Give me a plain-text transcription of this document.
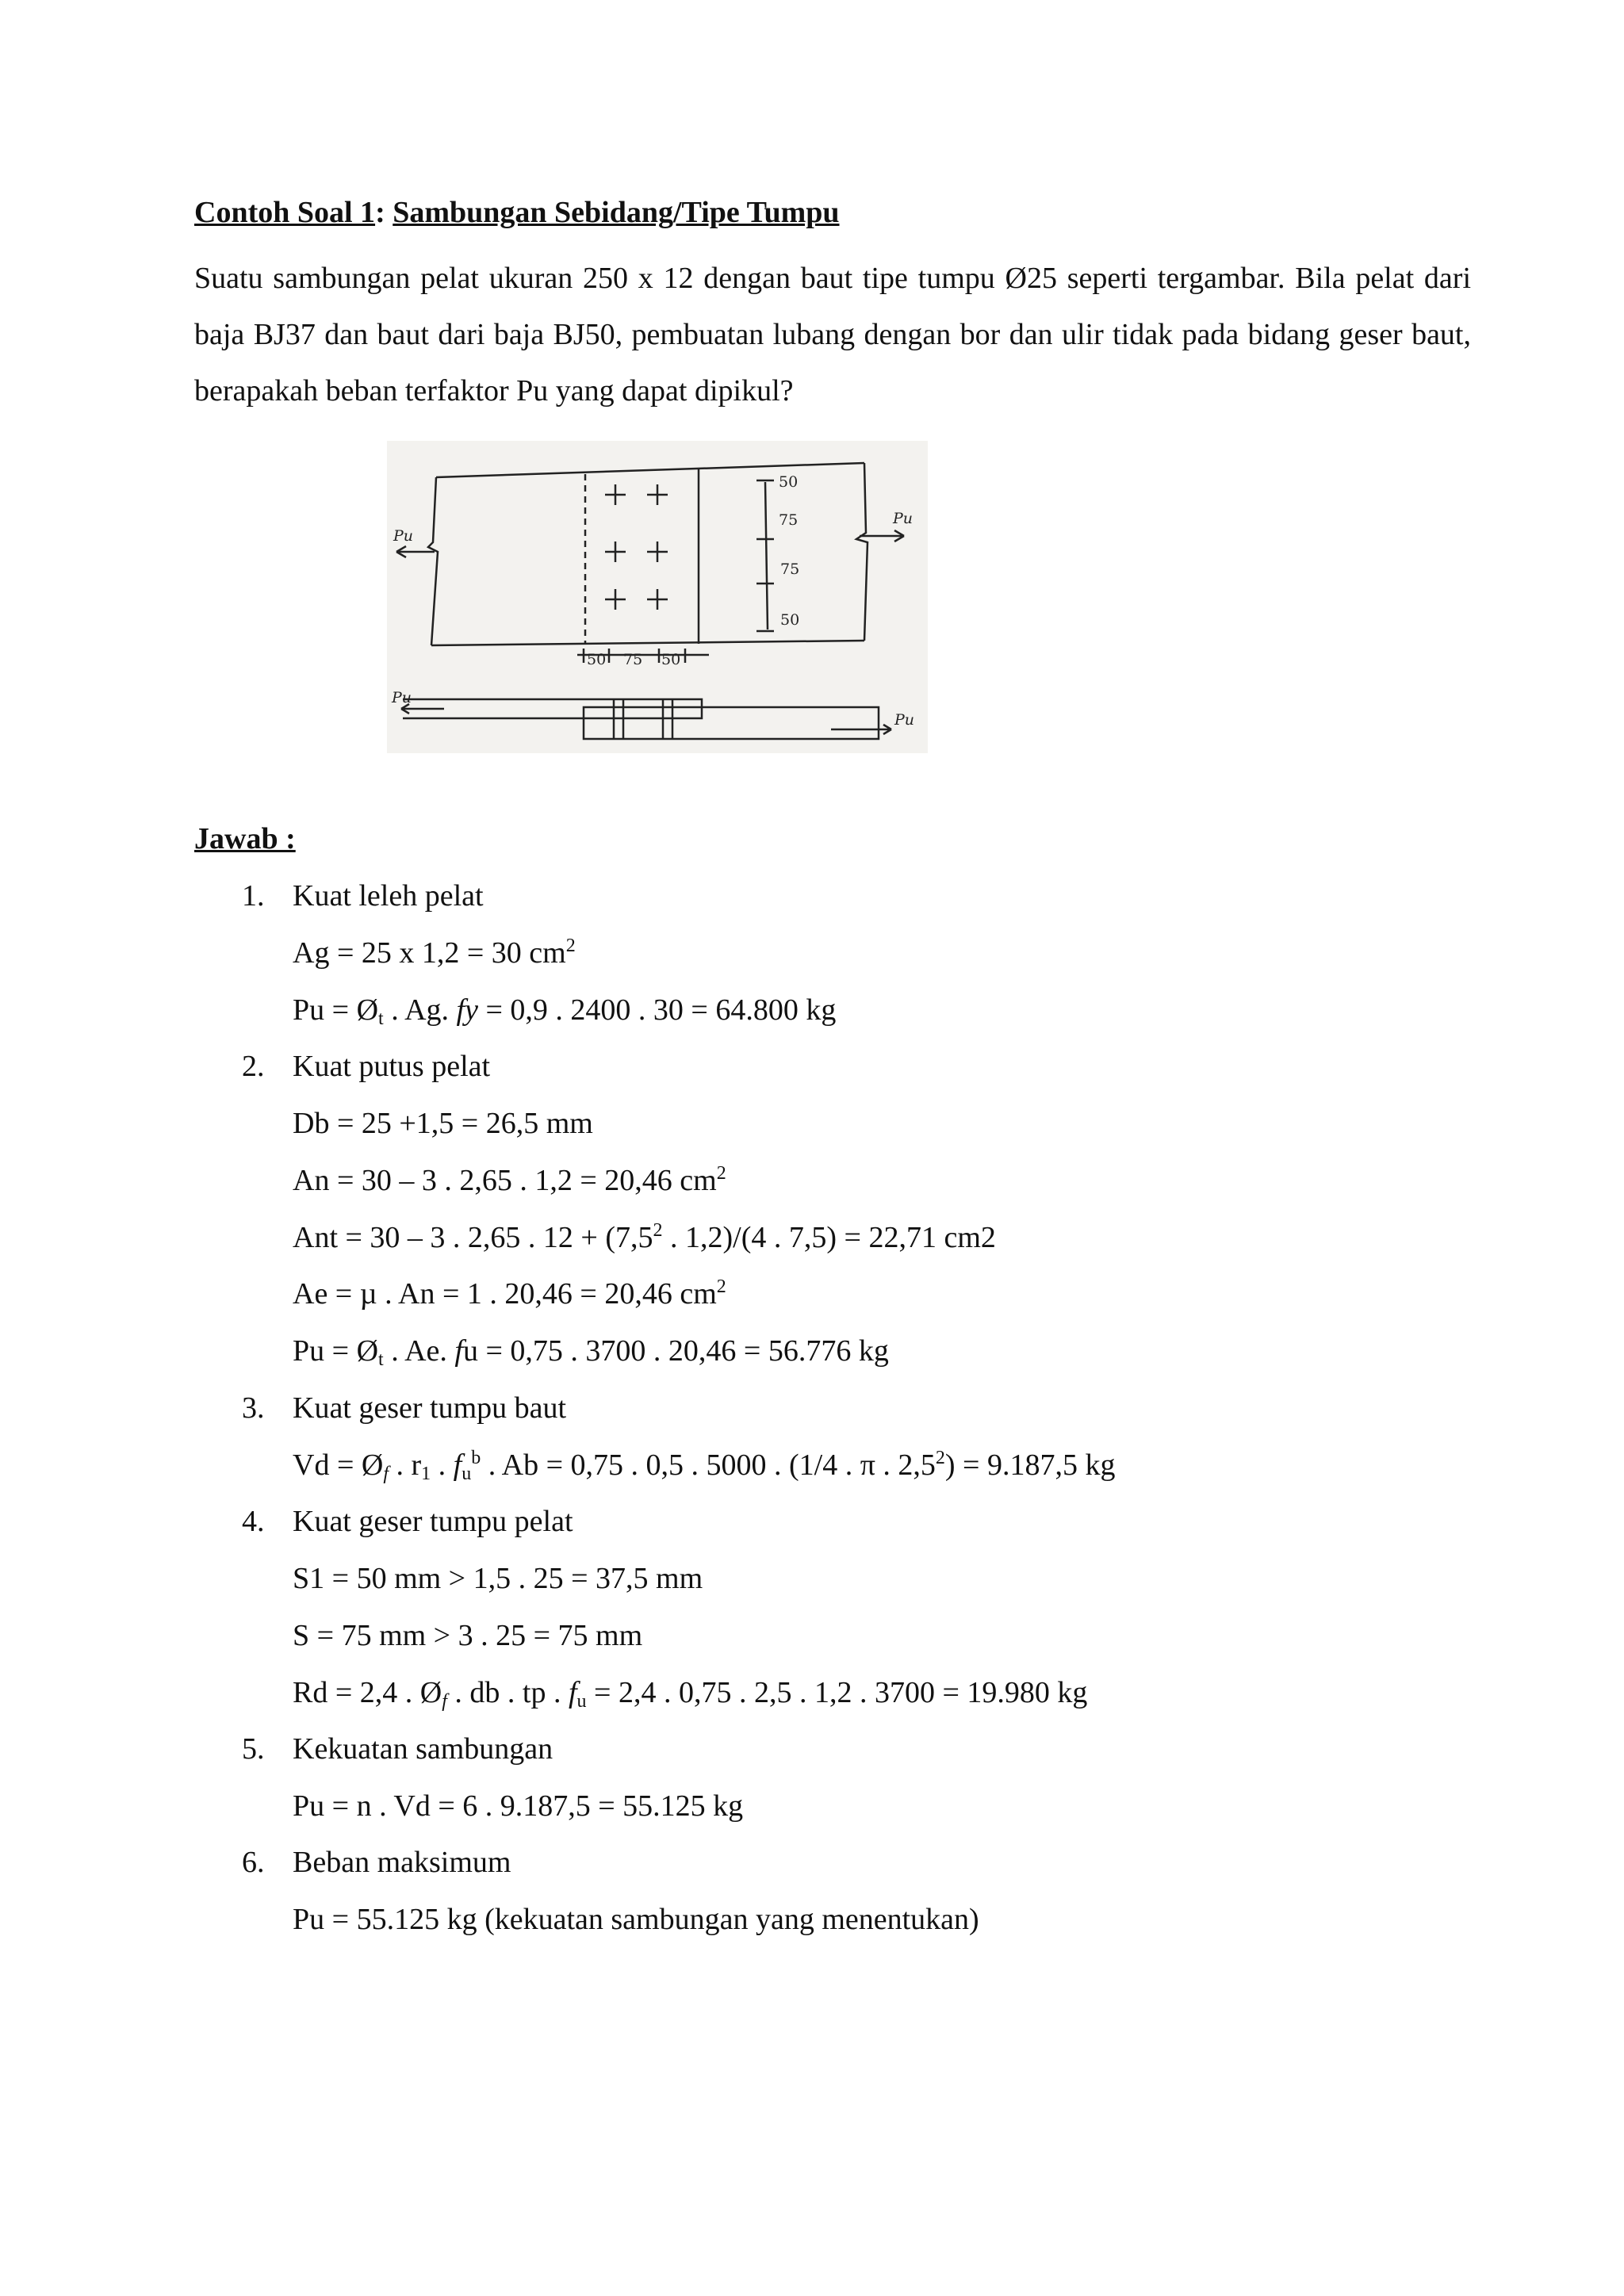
Contoh Soal 1: Sambungan Sebidang/Tipe Tumpu

Suatu sambungan pelat ukuran 250 x 12 dengan baut tipe tumpu Ø25 seperti tergambar. Bila pelat dari baja BJ37 dan baut dari baja BJ50, pembuatan lubang dengan bor dan ulir tidak pada bidang geser baut, berapakah beban terfaktor Pu yang dapat dipikul?

Pu
Pu
Pu
Pu
50
75
75
50
50 75 50
Jawab :
1. Kuat leleh pelat
Ag = 25 x 1,2 = 30 $cm^2$
$Pu = Ø_t$ . Ag. fy = 0,9 . 2400 . 30 = 64.800 kg
2. Kuat putus pelat
Db = 25 +1,5 = 26,5 mm
An = 30 – 3 . 2,65 . 1,2 = 20,46 $cm^2$
Ant = 30 – 3 . 2,65 . $12 + (7,5^2$ . 1,2)/(4 . 7,5) = 22,71 cm2
Ae = µ . An = 1 . 20,46 = 20,46 $cm^2$
$Pu = Ø_t$ . Ae. fu = 0,75 . 3700 . 20,46 = 56.776 kg
3. Kuat geser tumpu baut
$Vd = Ø_f$ . $r_1$ . $f_u^b$ . Ab = 0,75 . 0,5 . 5000 . (1/4 . π . $2,5^2) = 9.187,5$ kg
4. Kuat geser tumpu pelat
S1 = 50 mm > 1,5 . 25 = 37,5 mm
S = 75 mm > 3 . 25 = 75 mm
Rd = 2,4 . $Ø_f$ . db . tp . $f_u = 2,4$ . 0,75 . 2,5 . 1,2 . 3700 = 19.980 kg
5. Kekuatan sambungan
Pu = n . Vd = 6 . 9.187,5 = 55.125 kg
6. Beban maksimum
Pu = 55.125 kg (kekuatan sambungan yang menentukan)
